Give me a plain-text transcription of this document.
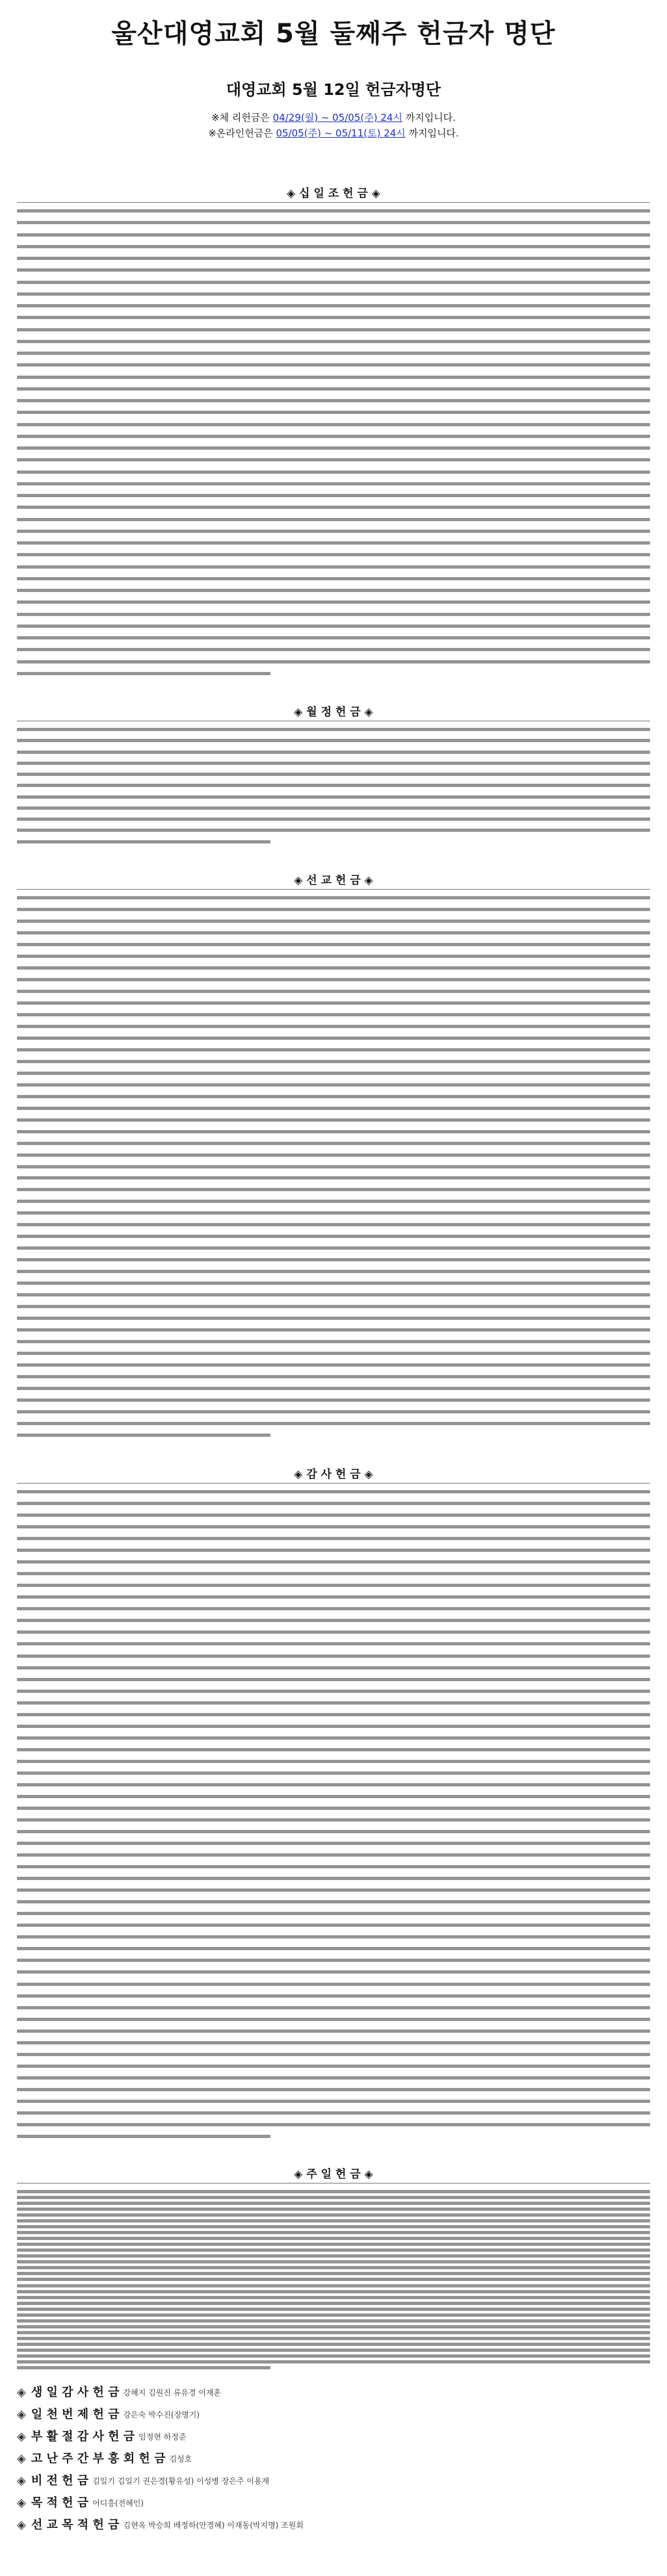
울산대영교회 5월 둘째주 헌금자 명단
대영교회 5월 12일 헌금자명단
※체 리헌금은 04/29(월) ~ 05/05(주) 24시 까지입니다.
※온라인헌금은 05/05(주) ~ 05/11(토) 24시 까지입니다.
◈ 십 일 조 헌 금 ◈
◈ 월 정 헌 금 ◈
◈ 선 교 헌 금 ◈
◈ 감 사 헌 금 ◈
◈ 주 일 헌 금 ◈
◈ 생 일 감 사 헌 금 강혜지 김원진 류유경 이재훈
◈ 일 천 번 제 헌 금 강은숙 박수진(장명기)
◈ 부 활 절 감 사 헌 금 임정현 하정준
◈ 고 난 주 간 부 흥 회 헌 금 김성호
◈ 비 전 헌 금 김일기 김일기 권은경(황유성) 이성병 장은주 이용재
◈ 목 적 헌 금 어디흥(전혜인)
◈ 선 교 목 적 헌 금 김현옥 박승희 배정하(안경혜) 이재동(박지명) 조원회
